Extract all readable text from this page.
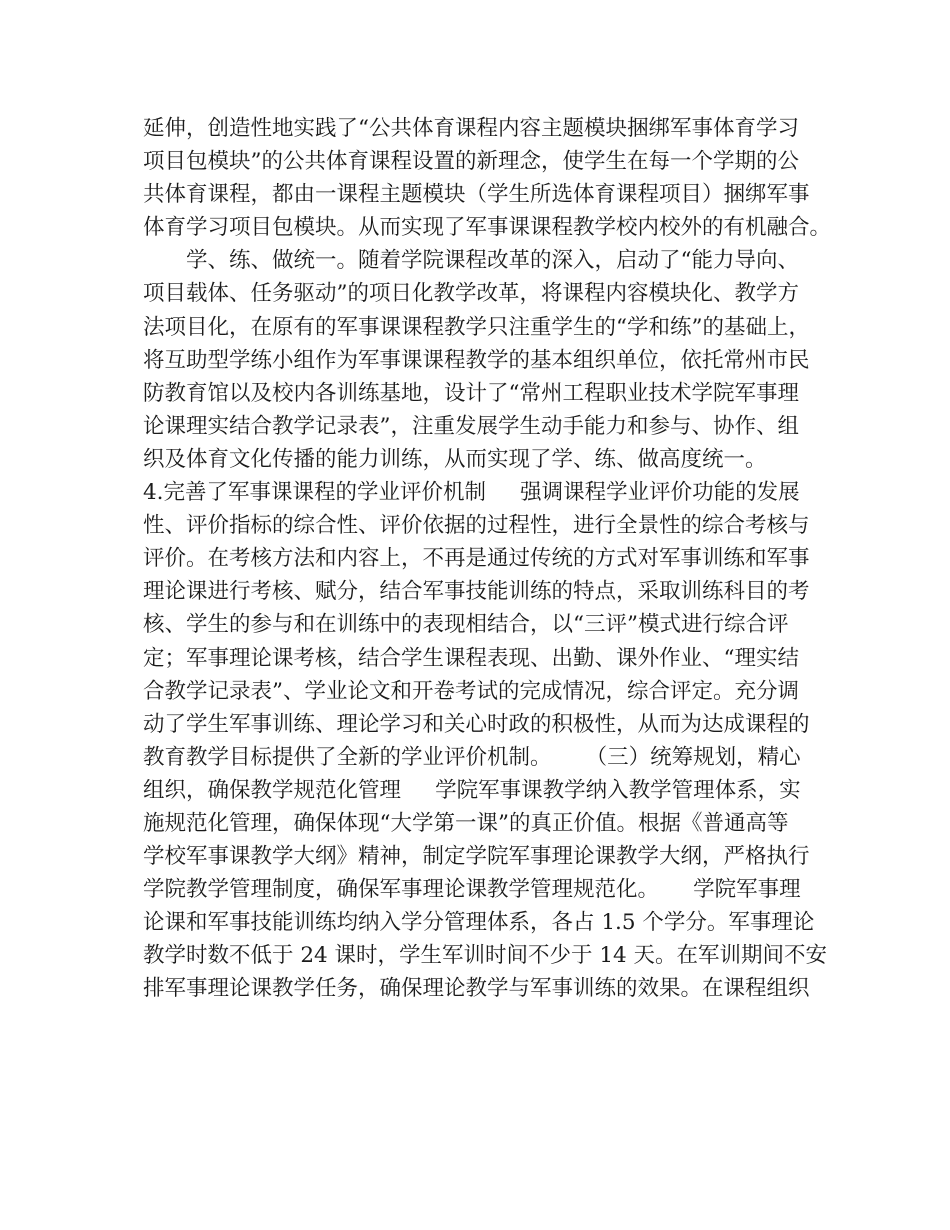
延伸，创造性地实践了“公共体育课程内容主题模块捆绑军事体育学习
项目包模块”的公共体育课程设置的新理念，使学生在每一个学期的公
共体育课程，都由一课程主题模块（学生所选体育课程项目）捆绑军事
体育学习项目包模块。从而实现了军事课课程教学校内校外的有机融合。
学、练、做统一。随着学院课程改革的深入，启动了“能力导向、
项目载体、任务驱动”的项日化教学改革，将课程内容模块化、教学方
法项目化，在原有的军事课课程教学只注重学生的“学和练”的基础上，
将互助型学练小组作为军事课课程教学的基本组织单位，依托常州市民
防教育馆以及校内各训练基地，设计了“常州工程职业技术学院军事理
论课理实结合教学记录表”，注重发展学生动手能力和参与、协作、组
织及体育文化传播的能力训练，从而实现了学、练、做高度统一。
4.完善了军事课课程的学业评价机制     强调课程学业评价功能的发展
性、评价指标的综合性、评价依据的过程性，进行全景性的综合考核与
评价。在考核方法和内容上，不再是通过传统的方式对军事训练和军事
理论课进行考核、赋分，结合军事技能训练的特点，采取训练科目的考
核、学生的参与和在训练中的表现相结合，以“三评”模式进行综合评
定；军事理论课考核，结合学生课程表现、出勤、课外作业、“理实结
合教学记录表”、学业论文和开卷考试的完成情况，综合评定。充分调
动了学生军事训练、理论学习和关心时政的积极性，从而为达成课程的
教育教学目标提供了全新的学业评价机制。     （三）统筹规划，精心
组织，确保教学规范化管理     学院军事课教学纳入教学管理体系，实
施规范化管理，确保体现“大学第一课”的真正价值。根据《普通高等
学校军事课教学大纲》精神，制定学院军事理论课教学大纲，严格执行
学院教学管理制度，确保军事理论课教学管理规范化。     学院军事理
论课和军事技能训练均纳入学分管理体系，各占 1.5 个学分。军事理论
教学时数不低于 24 课时，学生军训时间不少于 14 天。在军训期间不安
排军事理论课教学任务，确保理论教学与军事训练的效果。在课程组织
